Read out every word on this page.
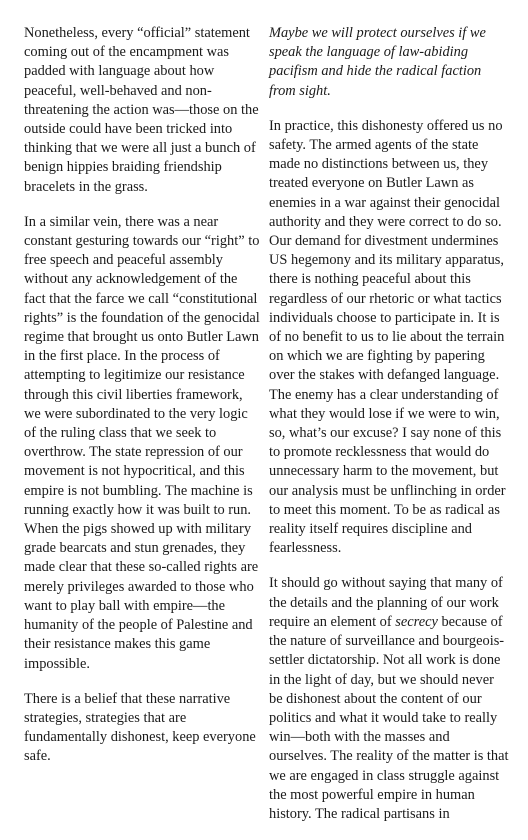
Nonetheless, every “official” statement coming out of the encampment was padded with language about how peaceful, well-behaved and non-threatening the action was—those on the outside could have been tricked into thinking that we were all just a bunch of benign hippies braiding friendship bracelets in the grass.

In a similar vein, there was a near constant gesturing towards our “right” to free speech and peaceful assembly without any acknowledgement of the fact that the farce we call “constitutional rights” is the foundation of the genocidal regime that brought us onto Butler Lawn in the first place. In the process of attempting to legitimize our resistance through this civil liberties framework, we were subordinated to the very logic of the ruling class that we seek to overthrow. The state repression of our movement is not hypocritical, and this empire is not bumbling. The machine is running exactly how it was built to run. When the pigs showed up with military grade bearcats and stun grenades, they made clear that these so-called rights are merely privileges awarded to those who want to play ball with empire—the humanity of the people of Palestine and their resistance makes this game impossible.

There is a belief that these narrative strategies, strategies that are fundamentally dishonest, keep everyone safe.

Maybe we will protect ourselves if we speak the language of law-abiding pacifism and hide the radical faction from sight.

In practice, this dishonesty offered us no safety. The armed agents of the state made no distinctions between us, they treated everyone on Butler Lawn as enemies in a war against their genocidal authority and they were correct to do so. Our demand for divestment undermines US hegemony and its military apparatus, there is nothing peaceful about this regardless of our rhetoric or what tactics individuals choose to participate in. It is of no benefit to us to lie about the terrain on which we are fighting by papering over the stakes with defanged language. The enemy has a clear understanding of what they would lose if we were to win, so, what’s our excuse? I say none of this to promote recklessness that would do unnecessary harm to the movement, but our analysis must be unflinching in order to meet this moment. To be as radical as reality itself requires discipline and fearlessness.

It should go without saying that many of the details and the planning of our work require an element of secrecy because of the nature of surveillance and bourgeois-settler dictatorship. Not all work is done in the light of day, but we should never be dishonest about the content of our politics and what it would take to really win—both with the masses and ourselves. The reality of the matter is that we are engaged in class struggle against the most powerful empire in human history. The radical partisans in
